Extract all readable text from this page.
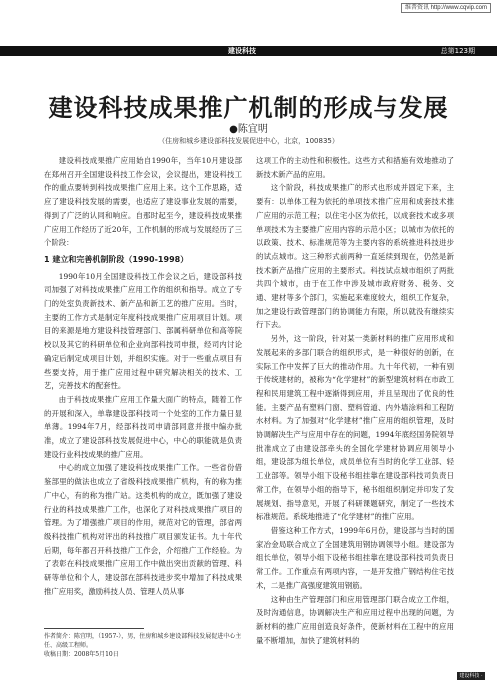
维普资讯 http://www.cqvip.com
建设科技	总第123期
建设科技成果推广机制的形成与发展
●陈宜明
（住房和城乡建设部科技发展促进中心，北京，100835）

建设科技成果推广应用始自1990年，当年10月建设部在郑州召开全国建设科技工作会议，会议提出，建设科技工作的重点要转到科技成果推广应用上来。这个工作思路，适应了建设科技发展的需要，也适应了建设事业发展的需要，得到了广泛的认同和响应。自那时起至今，建设科技成果推广应用工作经历了近20年，工作机制的形成与发展经历了三个阶段：

1 建立和完善机制阶段（1990-1998）

1990年10月全国建设科技工作会议之后，建设部科技司加强了对科技成果推广应用工作的组织和指导。成立了专门的处室负责新技术、新产品和新工艺的推广应用。当时，主要的工作方式是制定年度科技成果推广应用项目计划。项目的来源是地方建设科技管理部门、部属科研单位和高等院校以及其它的科研单位和企业向部科技司申报，经司内讨论确定后制定成项目计划，并组织实施。对于一些重点项目有些要支持，用于推广应用过程中研究解决相关的技术、工艺，完善技术的配套性。

由于科技成果推广应用工作量大面广的特点，随着工作的开展和深入，单靠建设部科技司一个处室的工作力量日显单薄。1994年7月，经部科技司申请部同意并报中编办批准，成立了建设部科技发展促进中心，中心的职能就是负责建设行业科技成果的推广应用。

中心的成立加强了建设科技成果推广工作。一些省份借鉴部里的做法也成立了省级科技成果推广机构，有的称为推广中心，有的称为推广站。这类机构的成立，既加强了建设行业的科技成果推广工作，也深化了对科技成果推广项目的管理。为了增强推广项目的作用，规范对它的管理，部省两级科技推广机构对评出的科技推广项目颁发证书。九十年代后期，每年都召开科技推广工作会，介绍推广工作经验。为了表彰在科技成果推广应用工作中做出突出贡献的管理、科研等单位和个人，建设部在部科技进步奖中增加了科技成果推广应用奖，激励科技人员、管理人员从事

这项工作的主动性和积极性。这些方式和措施有效地推动了新技术新产品的应用。

这个阶段，科技成果推广的形式也形成并固定下来，主要有：以单体工程为依托的单项技术推广应用和成套技术推广应用的示范工程；以住宅小区为依托，以成套技术或多项单项技术为主要推广应用内容的示范小区；以城市为依托的以政策、技术、标准规范等为主要内容的系统推进科技进步的试点城市。这三种形式前两种一直延续到现在，仍然是新技术新产品推广应用的主要形式。科技试点城市组织了两批共四个城市，由于在工作中涉及城市政府财务、税务、交通、建材等多个部门，实施起来难度较大，组织工作复杂，加之建设行政管理部门的协调能力有限，所以就没有继续实行下去。

另外，这一阶段，针对某一类新材料的推广应用形成和发展起来的多部门联合的组织形式，是一种很好的创新，在实际工作中发挥了巨大的推动作用。九十年代初，一种有别于传统建材的，被称为“化学建材”的新型建筑材料在市政工程和民用建筑工程中逐渐得到应用，并且呈现出了优良的性能。主要产品有塑料门窗、塑料管道、内外墙涂料和工程防水材料。为了加强对“化学建材”推广应用的组织管理，及时协调解决生产与应用中存在的问题，1994年底经国务院领导批准成立了由建设部牵头的全国化学建材协调应用领导小组，建设部为组长单位，成员单位有当时的化学工业部、轻工业部等。领导小组下设秘书组挂靠在建设部科技司负责日常工作，在领导小组的指导下，秘书组组织制定并印发了发展规划、指导意见，开展了科研课题研究，制定了一些技术标准规范。系统地推进了“化学建材”的推广应用。

借鉴这种工作方式，1999年6月份，建设部与当时的国家冶金局联合成立了全国建筑用钢协调领导小组。建设部为组长单位，领导小组下设秘书组挂靠在建设部科技司负责日常工作。工作重点有两项内容，一是开发推广钢结构住宅技术，二是推广高强度建筑用钢筋。

这种由生产管理部门和应用管理部门联合成立工作组，及时沟通信息，协调解决生产和应用过程中出现的问题，为新材料的推广应用创造良好条件，使新材料在工程中的应用量不断增加，加快了建筑材料的

作者简介：陈宜明，（1957-），男，住房和城乡建设部科技发展促进中心主任、高级工程师。
收稿日期：2008年5月10日
建设科技 ·
